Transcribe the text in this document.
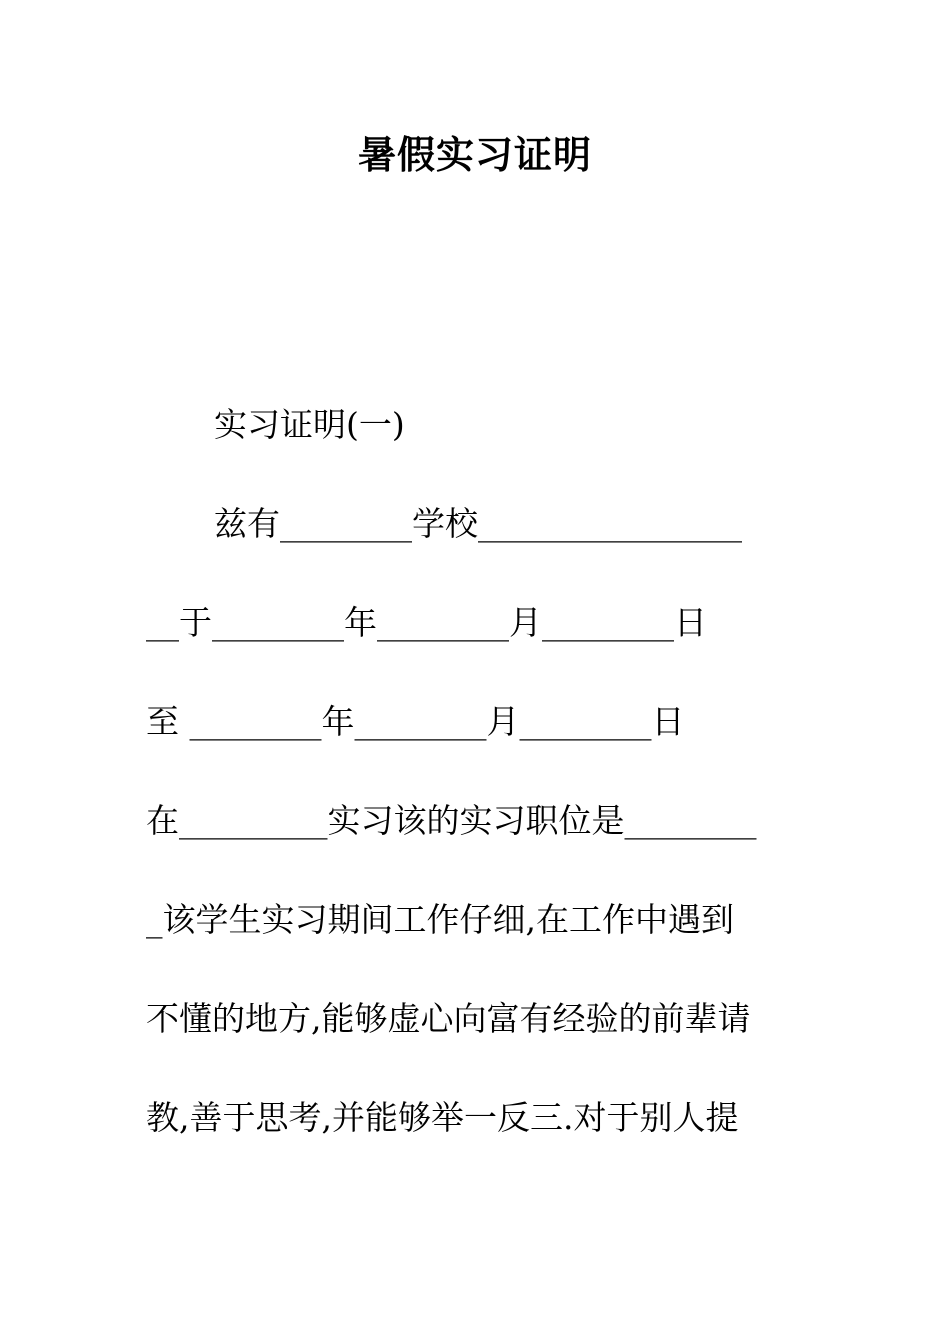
暑假实习证明
实习证明(一)
兹有________学校________________
__于________年________月________日
至 ________年________月________日
在_________实习该的实习职位是________
_该学生实习期间工作仔细,在工作中遇到
不懂的地方,能够虚心向富有经验的前辈请
教,善于思考,并能够举一反三.对于别人提
